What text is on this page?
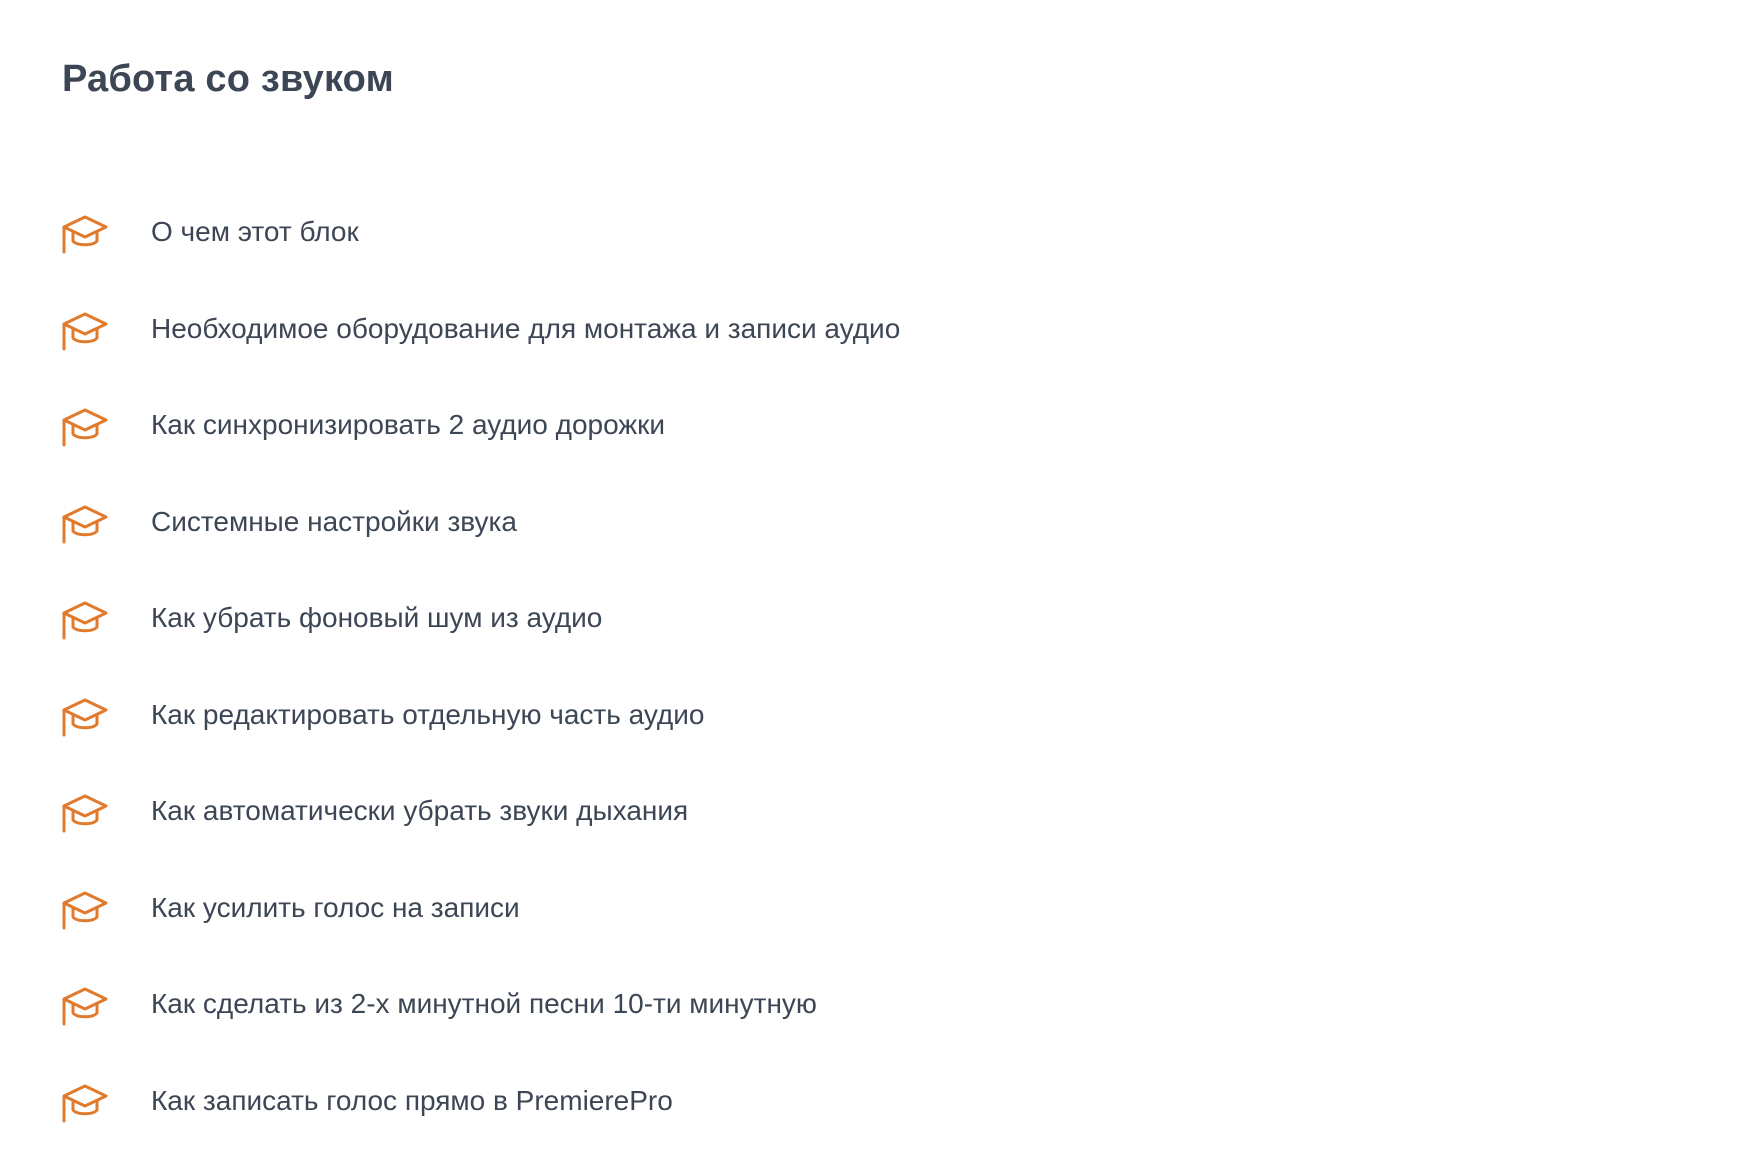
Работа со звуком
О чем этот блок
Необходимое оборудование для монтажа и записи аудио
Как синхронизировать 2 аудио дорожки
Системные настройки звука
Как убрать фоновый шум из аудио
Как редактировать отдельную часть аудио
Как автоматически убрать звуки дыхания
Как усилить голос на записи
Как сделать из 2-х минутной песни 10-ти минутную
Как записать голос прямо в PremierePro
